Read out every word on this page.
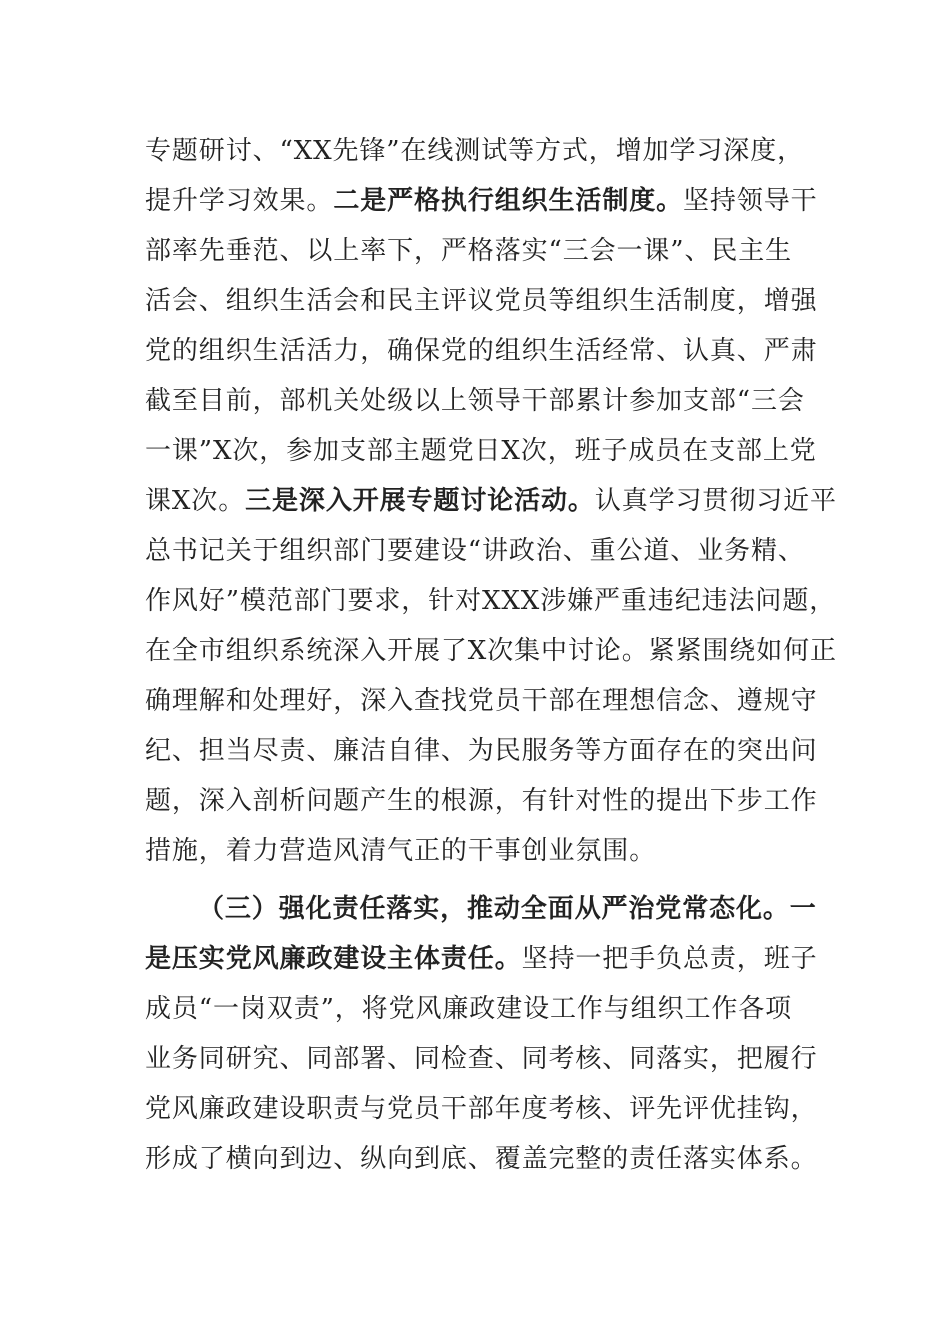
专题研讨、“XX先锋”在线测试等方式，增加学习深度，
提升学习效果。二是严格执行组织生活制度。坚持领导干
部率先垂范、以上率下，严格落实“三会一课”、民主生
活会、组织生活会和民主评议党员等组织生活制度，增强
党的组织生活活力，确保党的组织生活经常、认真、严肃
截至目前，部机关处级以上领导干部累计参加支部“三会
一课”X次，参加支部主题党日X次，班子成员在支部上党
课X次。三是深入开展专题讨论活动。认真学习贯彻习近平
总书记关于组织部门要建设“讲政治、重公道、业务精、
作风好”模范部门要求，针对XXX涉嫌严重违纪违法问题，
在全市组织系统深入开展了X次集中讨论。紧紧围绕如何正
确理解和处理好，深入查找党员干部在理想信念、遵规守
纪、担当尽责、廉洁自律、为民服务等方面存在的突出问
题，深入剖析问题产生的根源，有针对性的提出下步工作
措施，着力营造风清气正的干事创业氛围。
（三）强化责任落实，推动全面从严治党常态化。一
是压实党风廉政建设主体责任。坚持一把手负总责，班子
成员“一岗双责”，将党风廉政建设工作与组织工作各项
业务同研究、同部署、同检查、同考核、同落实，把履行
党风廉政建设职责与党员干部年度考核、评先评优挂钩，
形成了横向到边、纵向到底、覆盖完整的责任落实体系。
